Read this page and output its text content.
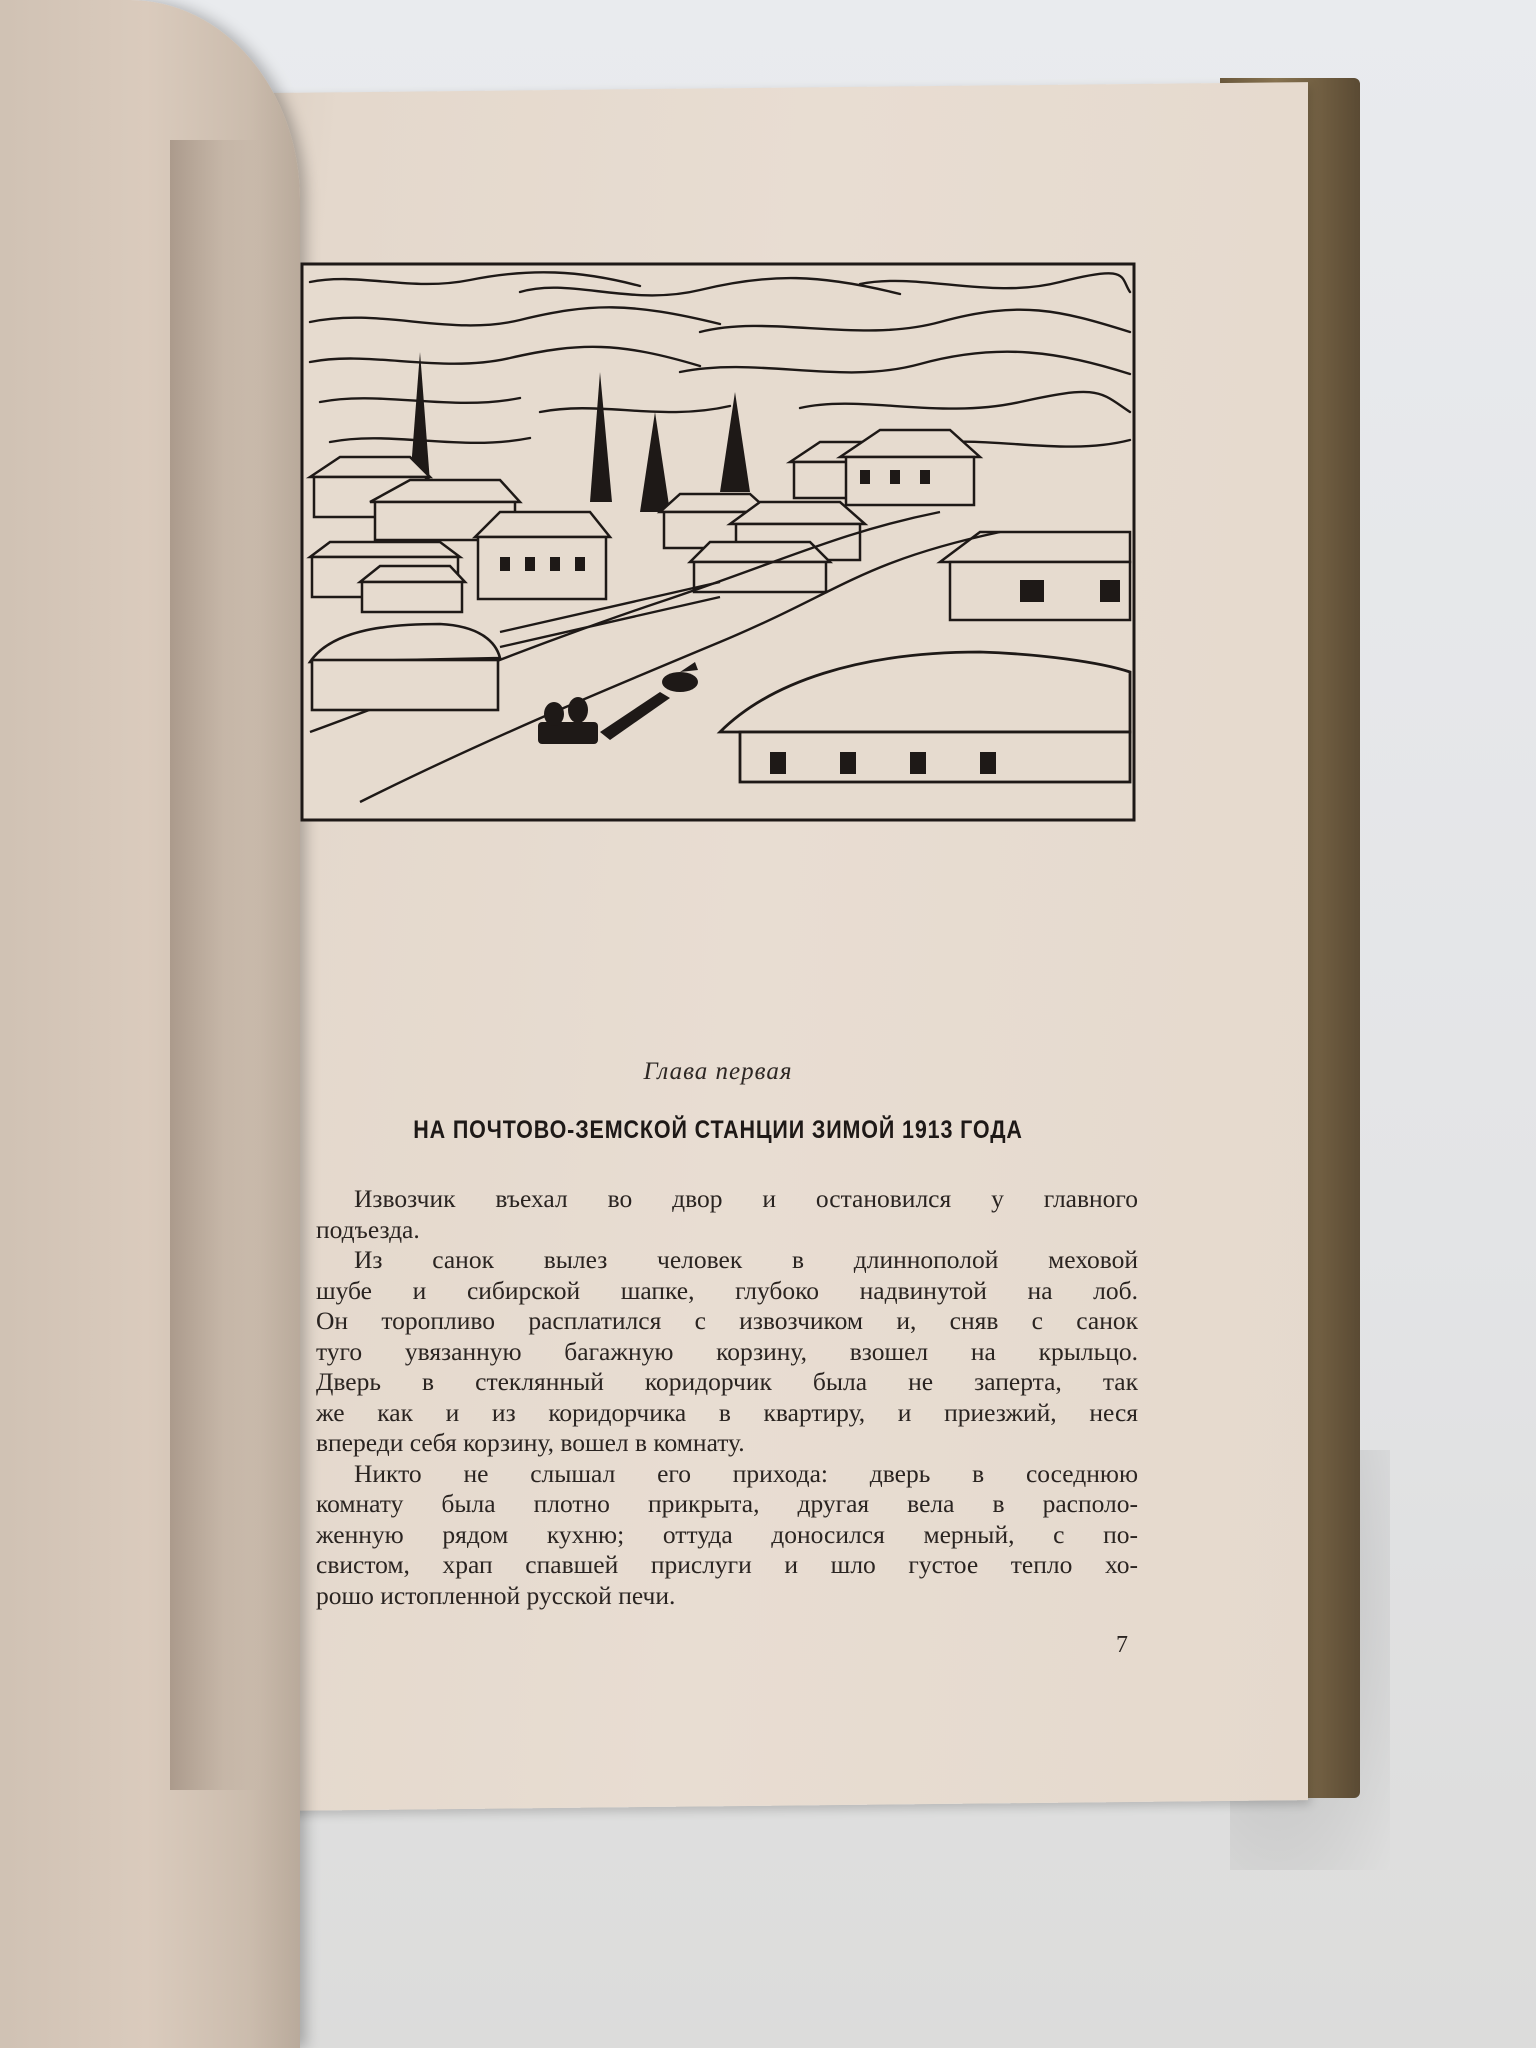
Глава первая
НА ПОЧТОВО-ЗЕМСКОЙ СТАНЦИИ ЗИМОЙ 1913 ГОДА
Извозчик въехал во двор и остановился у главного
подъезда.
Из санок вылез человек в длиннополой меховой
шубе и сибирской шапке, глубоко надвинутой на лоб.
Он торопливо расплатился с извозчиком и, сняв с санок
туго увязанную багажную корзину, взошел на крыльцо.
Дверь в стеклянный коридорчик была не заперта, так
же как и из коридорчика в квартиру, и приезжий, неся
впереди себя корзину, вошел в комнату.
Никто не слышал его прихода: дверь в соседнюю
комнату была плотно прикрыта, другая вела в располо-
женную рядом кухню; оттуда доносился мерный, с по-
свистом, храп спавшей прислуги и шло густое тепло хо-
рошо истопленной русской печи.
7
